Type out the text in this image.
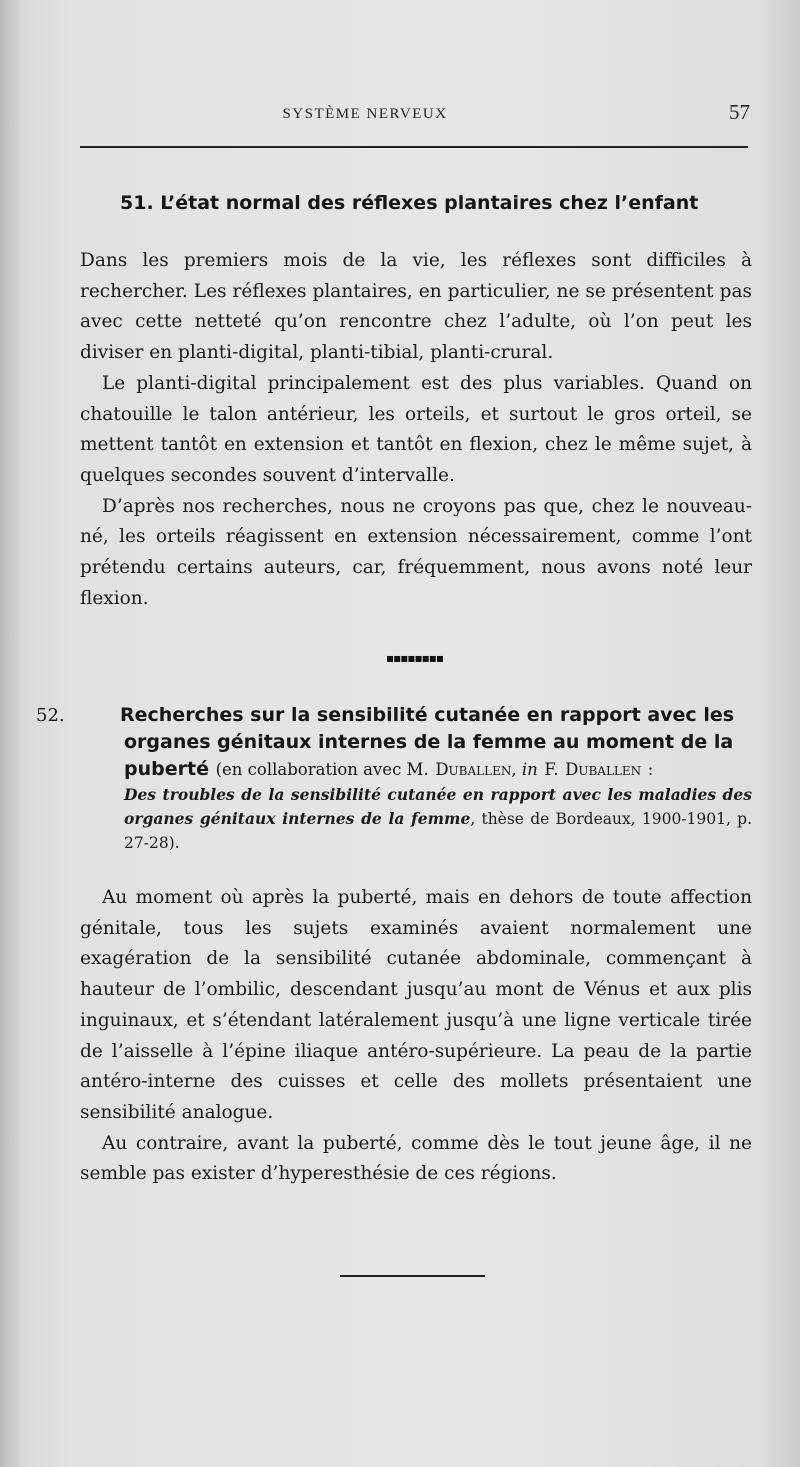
SYSTÈME NERVEUX	57
51. L’état normal des réflexes plantaires chez l’enfant

Dans les premiers mois de la vie, les réflexes sont difficiles à rechercher. Les réflexes plantaires, en particulier, ne se présentent pas avec cette netteté qu’on rencontre chez l’adulte, où l’on peut les diviser en planti-digital, planti-tibial, planti-crural.

Le planti-digital principalement est des plus variables. Quand on chatouille le talon antérieur, les orteils, et surtout le gros orteil, se mettent tantôt en extension et tantôt en flexion, chez le même sujet, à quelques secondes souvent d’intervalle.

D’après nos recherches, nous ne croyons pas que, chez le nouveau-né, les orteils réagissent en extension nécessairement, comme l’ont prétendu certains auteurs, car, fréquemment, nous avons noté leur flexion.

▪▪▪▪▪▪▪▪

52.	Recherches sur la sensibilité cutanée en rapport avec les organes génitaux internes de la femme au moment de la puberté (en collaboration avec M. Duballen, in F. Duballen :

Des troubles de la sensibilité cutanée en rapport avec les maladies des organes génitaux internes de la femme, thèse de Bordeaux, 1900-1901, p. 27-28).

Au moment où après la puberté, mais en dehors de toute affection génitale, tous les sujets examinés avaient normalement une exagération de la sensibilité cutanée abdominale, commençant à hauteur de l’ombilic, descendant jusqu’au mont de Vénus et aux plis inguinaux, et s’étendant latéralement jusqu’à une ligne verticale tirée de l’aisselle à l’épine iliaque antéro-supérieure. La peau de la partie antéro-interne des cuisses et celle des mollets présentaient une sensibilité analogue.

Au contraire, avant la puberté, comme dès le tout jeune âge, il ne semble pas exister d’hyperesthésie de ces régions.
